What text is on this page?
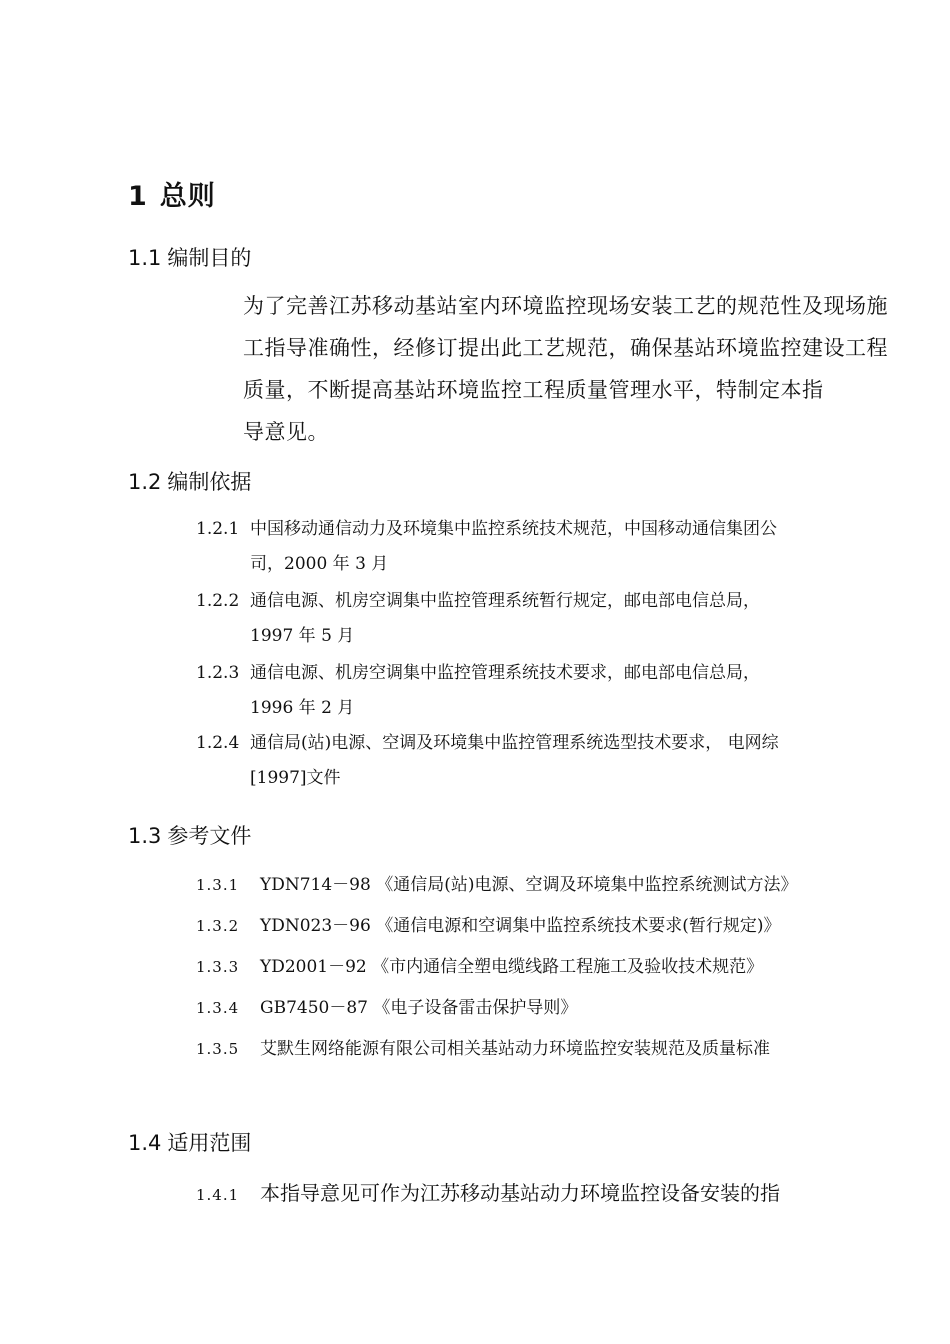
1 总则
1.1 编制目的

为了完善江苏移动基站室内环境监控现场安装工艺的规范性及现场施

工指导准确性，经修订提出此工艺规范，确保基站环境监控建设工程

质量，不断提高基站环境监控工程质量管理水平，特制定本指

导意见。

1.2 编制依据
1.2.1 中国移动通信动力及环境集中监控系统技术规范，中国移动通信集团公
司，2000 年 3 月
1.2.2 通信电源、机房空调集中监控管理系统暂行规定，邮电部电信总局，
1997 年 5 月
1.2.3 通信电源、机房空调集中监控管理系统技术要求，邮电部电信总局，
1996 年 2 月
1.2.4 通信局(站)电源、空调及环境集中监控管理系统选型技术要求， 电网综
[1997]文件
1.3 参考文件
1.3.1 YDN714－98 《通信局(站)电源、空调及环境集中监控系统测试方法》
1.3.2 YDN023－96 《通信电源和空调集中监控系统技术要求(暂行规定)》
1.3.3 YD2001－92 《市内通信全塑电缆线路工程施工及验收技术规范》
1.3.4 GB7450－87 《电子设备雷击保护导则》
1.3.5 艾默生网络能源有限公司相关基站动力环境监控安装规范及质量标准
1.4 适用范围
1.4.1 本指导意见可作为江苏移动基站动力环境监控设备安装的指
